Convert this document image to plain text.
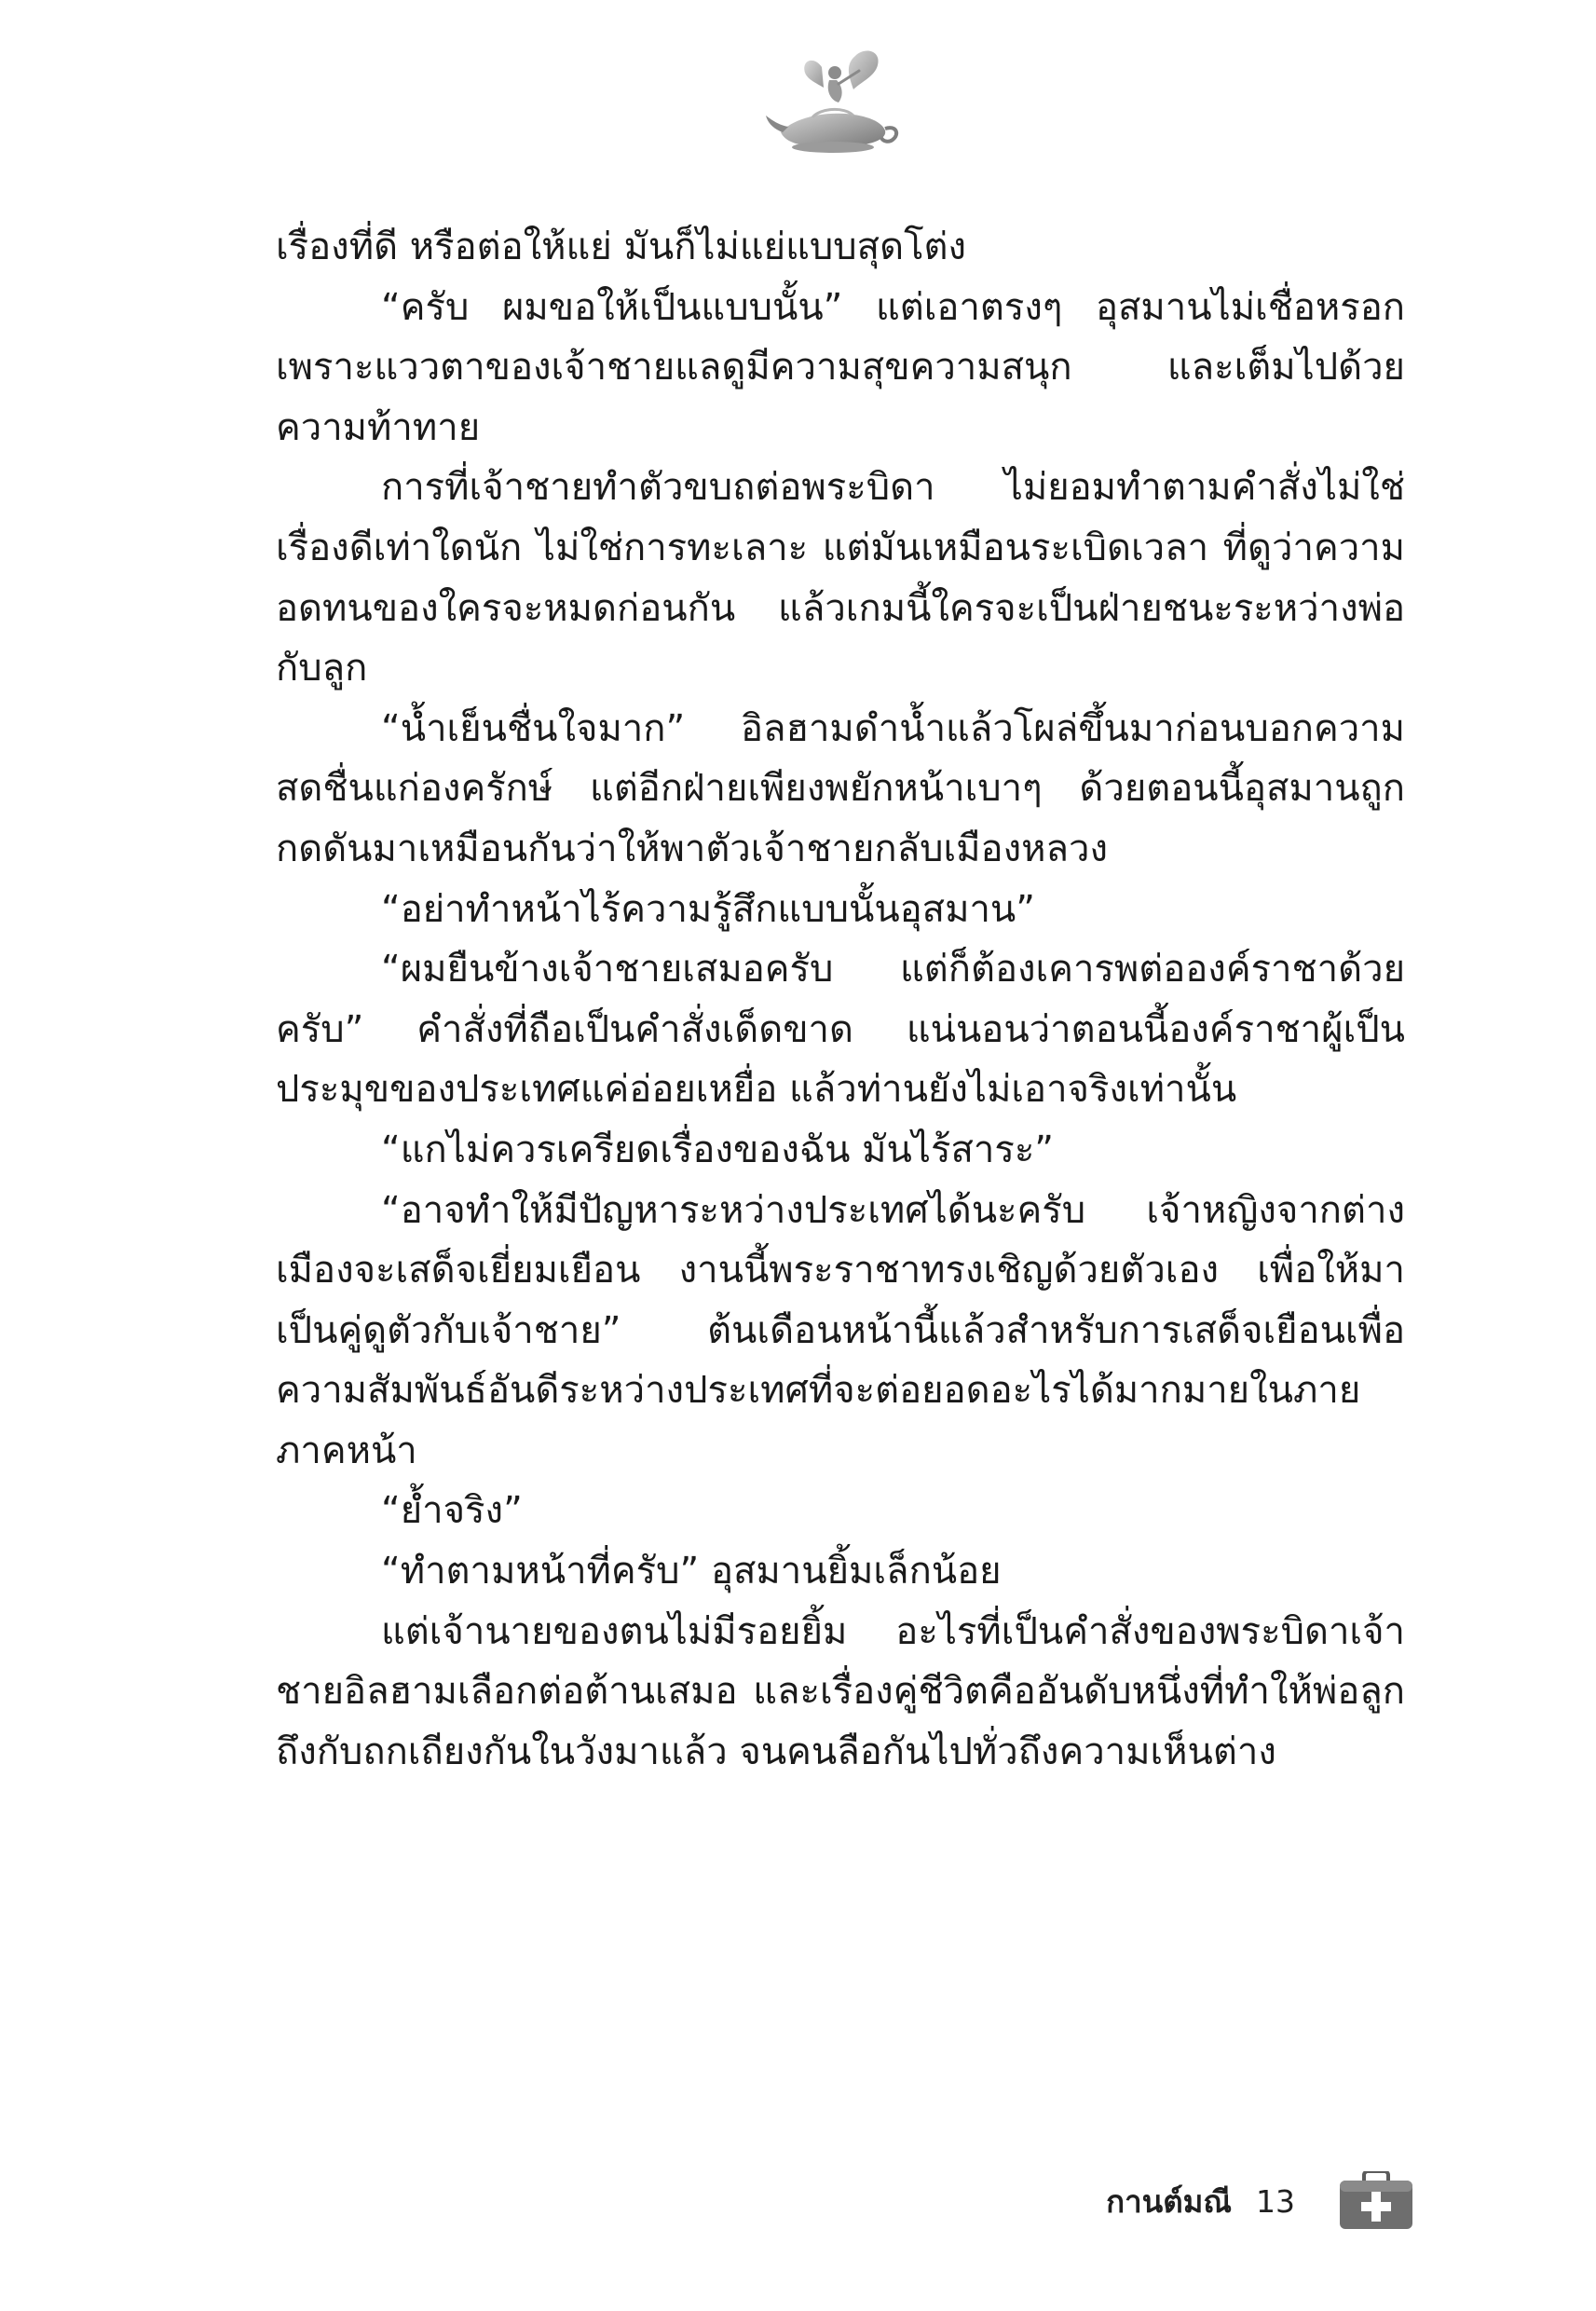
เรื่องที่ดี หรือต่อให้แย่ มันก็ไม่แย่แบบสุดโต่ง

“ครับ ผมขอให้เป็นแบบนั้น” แต่เอาตรงๆ อุสมานไม่เชื่อหรอก เพราะแววตาของเจ้าชายแลดูมีความสุขความสนุก และเต็มไปด้วยความท้าทาย

การที่เจ้าชายทำตัวขบถต่อพระบิดา ไม่ยอมทำตามคำสั่งไม่ใช่เรื่องดีเท่าใดนัก ไม่ใช่การทะเลาะ แต่มันเหมือนระเบิดเวลา ที่ดูว่าความอดทนของใครจะหมดก่อนกัน แล้วเกมนี้ใครจะเป็นฝ่ายชนะระหว่างพ่อกับลูก

“น้ำเย็นชื่นใจมาก” อิลฮามดำน้ำแล้วโผล่ขึ้นมาก่อนบอกความสดชื่นแก่องครักษ์ แต่อีกฝ่ายเพียงพยักหน้าเบาๆ ด้วยตอนนี้อุสมานถูกกดดันมาเหมือนกันว่าให้พาตัวเจ้าชายกลับเมืองหลวง

“อย่าทำหน้าไร้ความรู้สึกแบบนั้นอุสมาน”

“ผมยืนข้างเจ้าชายเสมอครับ แต่ก็ต้องเคารพต่อองค์ราชาด้วยครับ” คำสั่งที่ถือเป็นคำสั่งเด็ดขาด แน่นอนว่าตอนนี้องค์ราชาผู้เป็นประมุขของประเทศแค่อ่อยเหยื่อ แล้วท่านยังไม่เอาจริงเท่านั้น

“แกไม่ควรเครียดเรื่องของฉัน มันไร้สาระ”

“อาจทำให้มีปัญหาระหว่างประเทศได้นะครับ เจ้าหญิงจากต่างเมืองจะเสด็จเยี่ยมเยือน งานนี้พระราชาทรงเชิญด้วยตัวเอง เพื่อให้มาเป็นคู่ดูตัวกับเจ้าชาย” ต้นเดือนหน้านี้แล้วสำหรับการเสด็จเยือนเพื่อความสัมพันธ์อันดีระหว่างประเทศที่จะต่อยอดอะไรได้มากมายในภายภาคหน้า

“ย้ำจริง”

“ทำตามหน้าที่ครับ” อุสมานยิ้มเล็กน้อย

แต่เจ้านายของตนไม่มีรอยยิ้ม อะไรที่เป็นคำสั่งของพระบิดาเจ้าชายอิลฮามเลือกต่อต้านเสมอ และเรื่องคู่ชีวิตคืออันดับหนึ่งที่ทำให้พ่อลูกถึงกับถกเถียงกันในวังมาแล้ว จนคนลือกันไปทั่วถึงความเห็นต่าง

กานต์มณี 13
